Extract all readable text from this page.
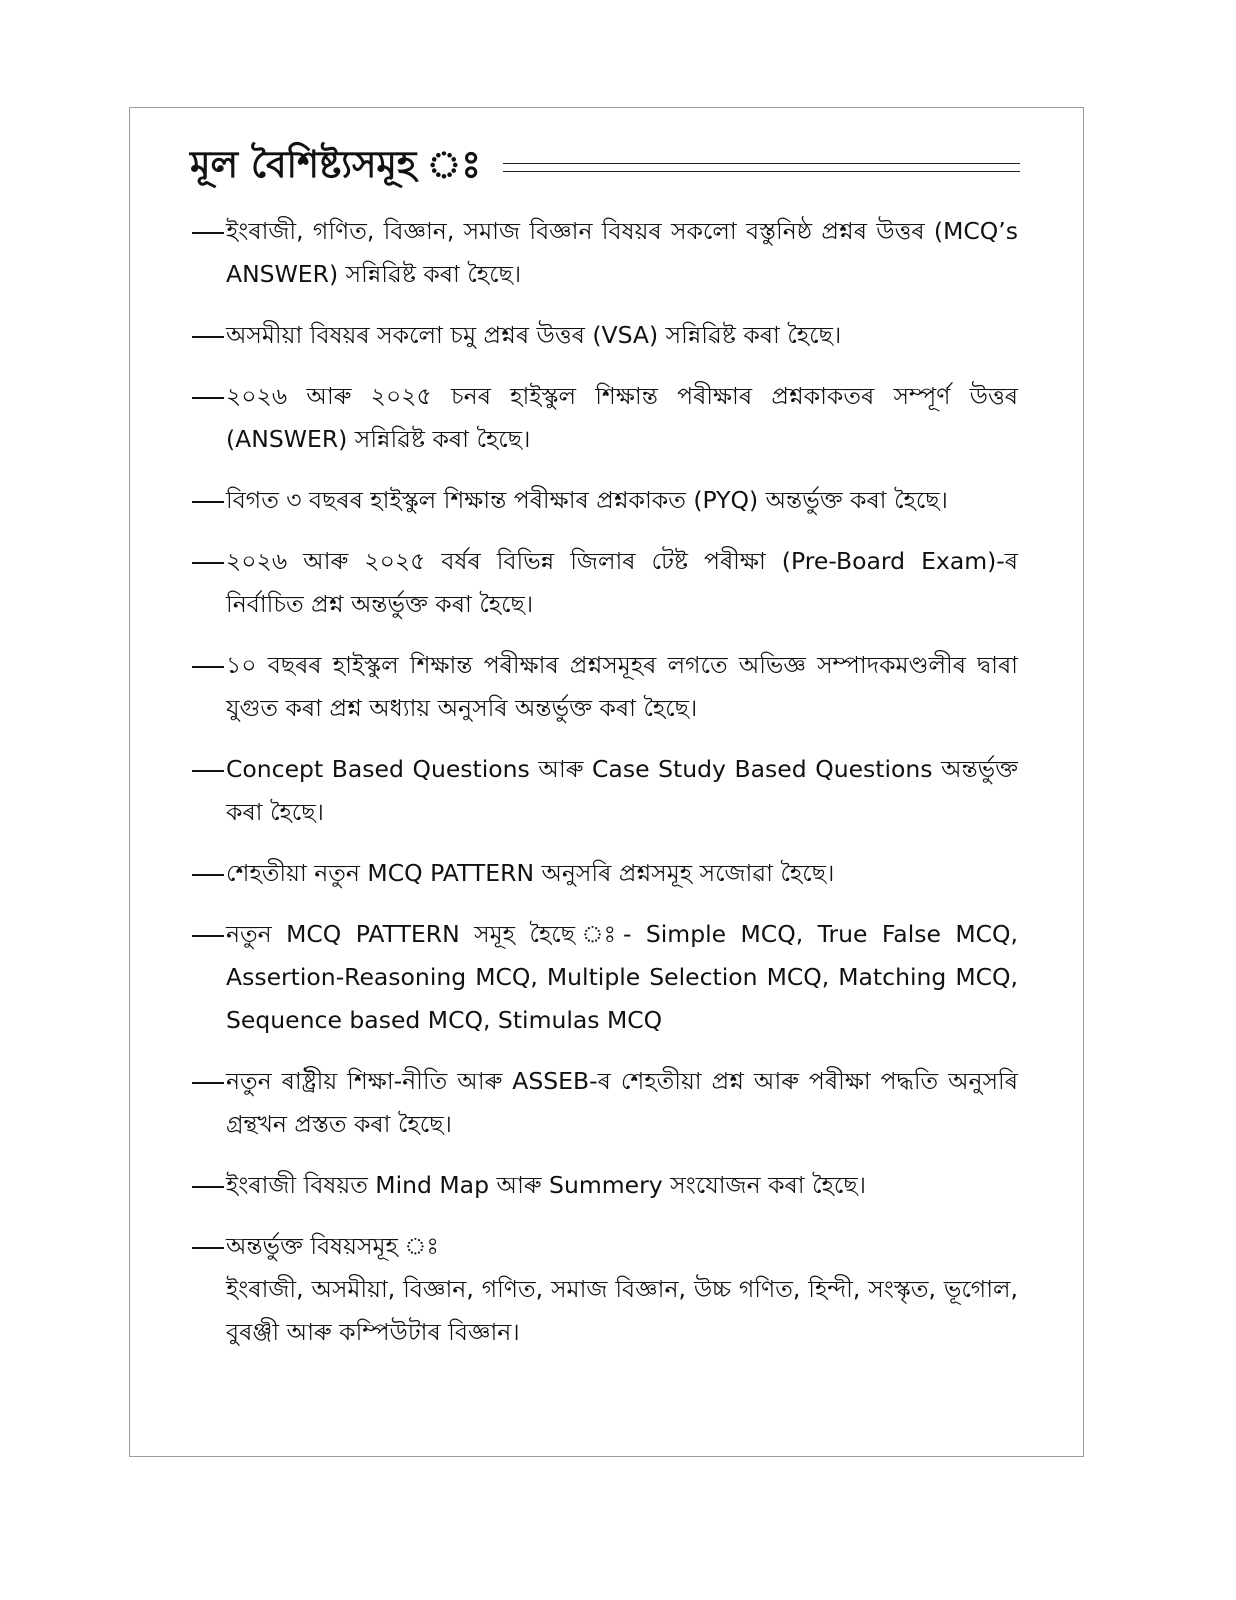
মূল বৈশিষ্ট্যসমূহ ঃ
ইংৰাজী, গণিত, বিজ্ঞান, সমাজ বিজ্ঞান বিষয়ৰ সকলো বস্তুনিষ্ঠ প্ৰশ্নৰ উত্তৰ (MCQ’s ANSWER) সন্নিৱিষ্ট কৰা হৈছে।
অসমীয়া বিষয়ৰ সকলো চমু প্ৰশ্নৰ উত্তৰ (VSA) সন্নিৱিষ্ট কৰা হৈছে।
২০২৬ আৰু ২০২৫ চনৰ হাইস্কুল শিক্ষান্ত পৰীক্ষাৰ প্ৰশ্নকাকতৰ সম্পূৰ্ণ উত্তৰ (ANSWER) সন্নিৱিষ্ট কৰা হৈছে।
বিগত ৩ বছৰৰ হাইস্কুল শিক্ষান্ত পৰীক্ষাৰ প্ৰশ্নকাকত (PYQ) অন্তৰ্ভুক্ত কৰা হৈছে।
২০২৬ আৰু ২০২৫ বৰ্ষৰ বিভিন্ন জিলাৰ টেষ্ট পৰীক্ষা (Pre-Board Exam)-ৰ নিৰ্বাচিত প্ৰশ্ন অন্তৰ্ভুক্ত কৰা হৈছে।
১০ বছৰৰ হাইস্কুল শিক্ষান্ত পৰীক্ষাৰ প্ৰশ্নসমূহৰ লগতে অভিজ্ঞ সম্পাদকমণ্ডলীৰ দ্বাৰা যুগুত কৰা প্ৰশ্ন অধ্যায় অনুসৰি অন্তৰ্ভুক্ত কৰা হৈছে।
Concept Based Questions আৰু Case Study Based Questions অন্তৰ্ভুক্ত কৰা হৈছে।
শেহতীয়া নতুন MCQ PATTERN অনুসৰি প্ৰশ্নসমূহ সজোৱা হৈছে।
নতুন MCQ PATTERN সমূহ হৈছে ঃ- Simple MCQ, True False MCQ, Assertion-Reasoning MCQ, Multiple Selection MCQ, Matching MCQ, Sequence based MCQ, Stimulas MCQ
নতুন ৰাষ্ট্ৰীয় শিক্ষা-নীতি আৰু ASSEB-ৰ শেহতীয়া প্ৰশ্ন আৰু পৰীক্ষা পদ্ধতি অনুসৰি গ্ৰন্থখন প্ৰস্তত কৰা হৈছে।
ইংৰাজী বিষয়ত Mind Map আৰু Summery সংযোজন কৰা হৈছে।
অন্তৰ্ভুক্ত বিষয়সমূহ ঃ
ইংৰাজী, অসমীয়া, বিজ্ঞান, গণিত, সমাজ বিজ্ঞান, উচ্চ গণিত, হিন্দী, সংস্কৃত, ভূগোল, বুৰঞ্জী আৰু কম্পিউটাৰ বিজ্ঞান।
